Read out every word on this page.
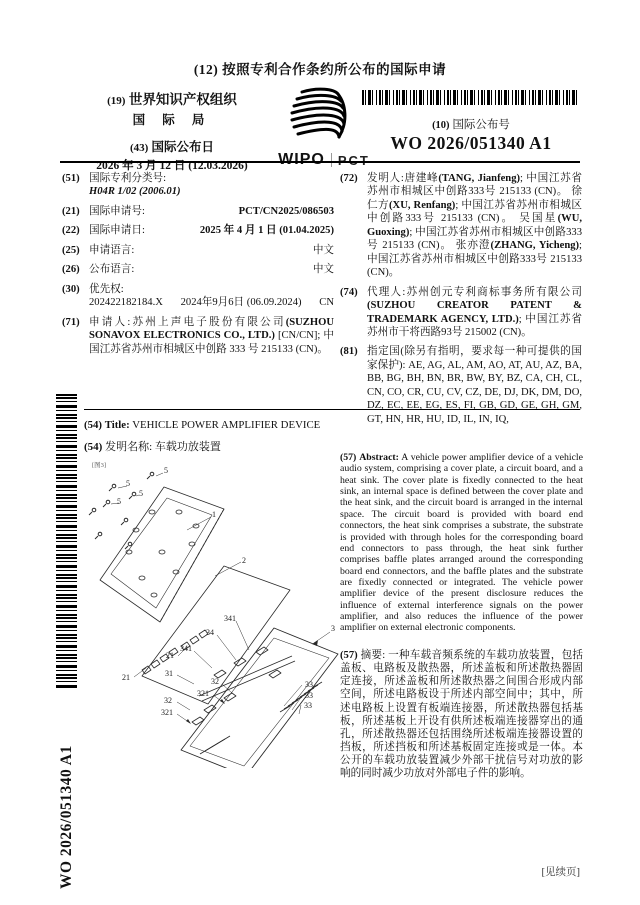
(12) 按照专利合作条约所公布的国际申请
(19) 世界知识产权组织
国 际 局
(43) 国际公布日
2026 年 3 月 12 日 (12.03.2026)	WIPO PCT
(10) 国际公布号
WO 2026/051340 A1
(51) 国际专利分类号:
H04R 1/02 (2006.01)
(21) 国际申请号:	PCT/CN2025/086503
(22) 国际申请日:	2025 年 4 月 1 日 (01.04.2025)
(25) 申请语言:	中文
(26) 公布语言:	中文
(30) 优先权:
202422182184.X 2024年9月6日 (06.09.2024) CN
(71) 申请人:苏州上声电子股份有限公司(SUZHOU SONAVOX ELECTRONICS CO., LTD.) [CN/CN]; 中国江苏省苏州市相城区中创路 333 号 215133 (CN)。
(72) 发明人:唐建峰(TANG, Jianfeng); 中国江苏省苏州市相城区中创路333号 215133 (CN)。 徐仁方(XU, Renfang); 中国江苏省苏州市相城区中创路333号 215133 (CN)。 吴国星(WU, Guoxing); 中国江苏省苏州市相城区中创路333号 215133 (CN)。 张亦澄(ZHANG, Yicheng); 中国江苏省苏州市相城区中创路333号 215133 (CN)。
(74) 代理人:苏州创元专利商标事务所有限公司(SUZHOU CREATOR PATENT & TRADEMARK AGENCY, LTD.); 中国江苏省苏州市干将西路93号 215002 (CN)。
(81) 指定国(除另有指明，要求每一种可提供的国家保护): AE, AG, AL, AM, AO, AT, AU, AZ, BA, BB, BG, BH, BN, BR, BW, BY, BZ, CA, CH, CL, CN, CO, CR, CU, CV, CZ, DE, DJ, DK, DM, DO, DZ, EC, EE, EG, ES, FI, GB, GD, GE, GH, GM, GT, HN, HR, HU, ID, IL, IN, IQ,
(54) Title: VEHICLE POWER AMPLIFIER DEVICE
(54) 发明名称: 车载功放装置
[图3]
5
5
5
5
1
2
21
21
341
34
341
3
31
32
321
32
321
33
33
33
(57) Abstract: A vehicle power amplifier device of a vehicle audio system, comprising a cover plate, a circuit board, and a heat sink. The cover plate is fixedly connected to the heat sink, an internal space is defined between the cover plate and the heat sink, and the circuit board is arranged in the internal space. The circuit board is provided with board end connectors, the heat sink comprises a substrate, the substrate is provided with through holes for the corresponding board end connectors to pass through, the heat sink further comprises baffle plates arranged around the corresponding board end connectors, and the baffle plates and the substrate are fixedly connected or integrated. The vehicle power amplifier device of the present disclosure reduces the influence of external interference signals on the power amplifier, and also reduces the influence of the power amplifier on external electronic components.
(57) 摘要: 一种车载音频系统的车载功放装置，包括盖板、电路板及散热器，所述盖板和所述散热器固定连接，所述盖板和所述散热器之间围合形成内部空间，所述电路板设于所述内部空间中；其中，所述电路板上设置有板端连接器，所述散热器包括基板，所述基板上开设有供所述板端连接器穿出的通孔，所述散热器还包括围绕所述板端连接器设置的挡板，所述挡板和所述基板固定连接或是一体。本公开的车载功放装置减少外部干扰信号对功放的影响的同时减少功放对外部电子件的影响。
WO 2026/051340 A1	[见续页]
